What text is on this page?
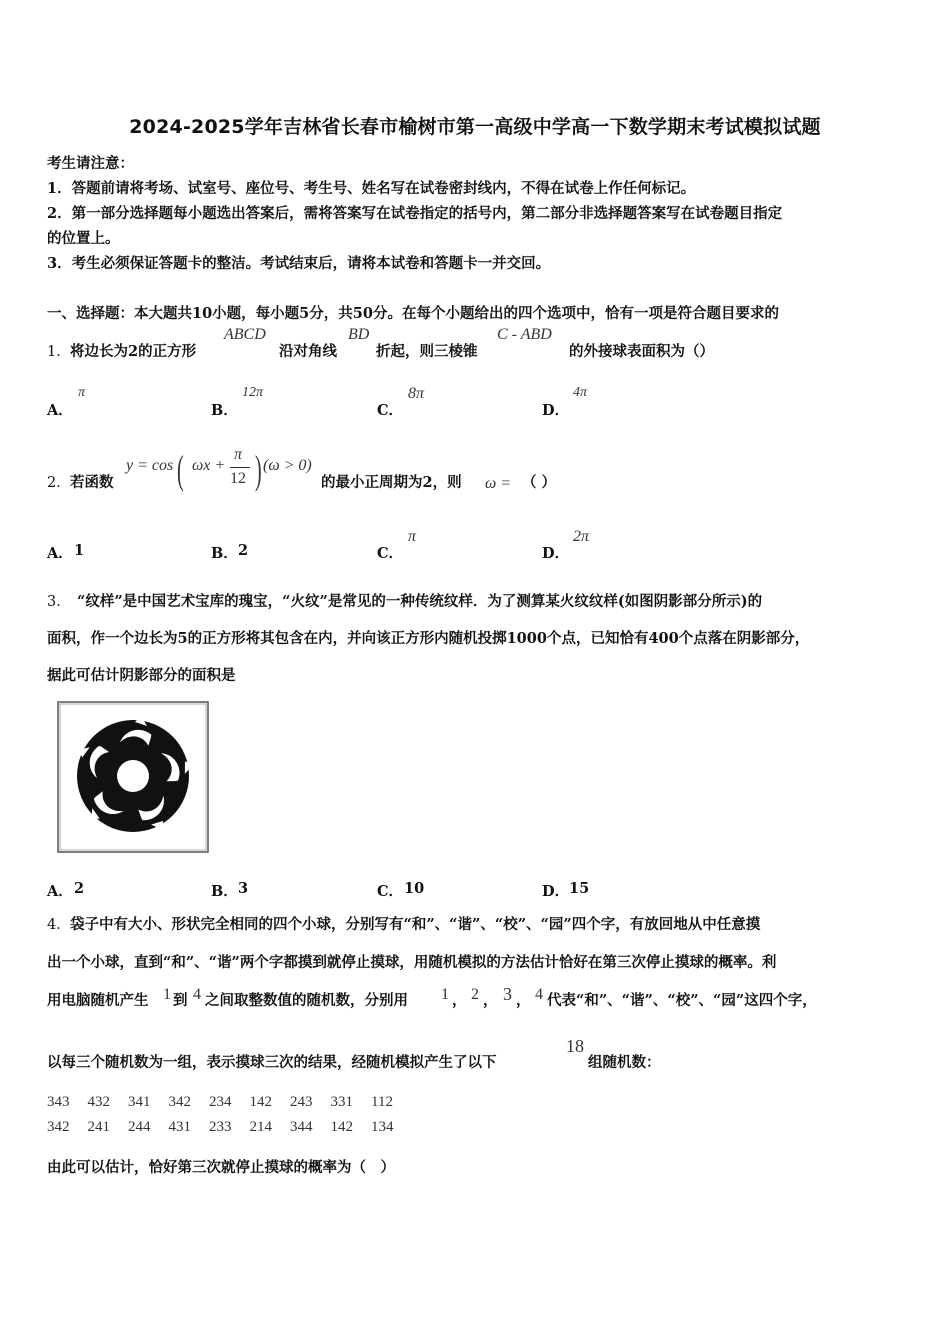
2024-2025学年吉林省长春市榆树市第一高级中学高一下数学期末考试模拟试题
考生请注意：
1．答题前请将考场、试室号、座位号、考生号、姓名写在试卷密封线内，不得在试卷上作任何标记。
2．第一部分选择题每小题选出答案后，需将答案写在试卷指定的括号内，第二部分非选择题答案写在试卷题目指定
的位置上。
3．考生必须保证答题卡的整洁。考试结束后，请将本试卷和答题卡一并交回。
一、选择题：本大题共10小题，每小题5分，共50分。在每个小题给出的四个选项中，恰有一项是符合题目要求的
1． 将边长为2的正方形
ABCD
沿对角线
BD
折起，则三棱锥
C - ABD
的外接球表面积为（）
A．
π
B．
12π
C．
8π
D．
4π
2． 若函数
y = cos ( ωx +
π
12 ) (ω > 0)
的最小正周期为2，则 ω = （ ）
A． 1	B． 2	C．
π
D．
2π
3． “纹样”是中国艺术宝库的瑰宝，“火纹”是常见的一种传统纹样．为了测算某火纹纹样(如图阴影部分所示)的
面积，作一个边长为5的正方形将其包含在内，并向该正方形内随机投掷1000个点，已知恰有400个点落在阴影部分，
据此可估计阴影部分的面积是
A． 2	B． 3	C． 10	D． 15
4． 袋子中有大小、形状完全相同的四个小球，分别写有“和”、“谐”、“校”、“园”四个字，有放回地从中任意摸
出一个小球，直到“和”、“谐”两个字都摸到就停止摸球，用随机模拟的方法估计恰好在第三次停止摸球的概率。利
用电脑随机产生 1 到 4 之间取整数值的随机数，分别用 1 ， 2 ， 3 ， 4 代表“和”、“谐”、“校”、“园”这四个字，
以每三个随机数为一组，表示摸球三次的结果，经随机模拟产生了以下
18
组随机数：
343 432 341 342 234 142 243 331 112
342 241 244 431 233 214 344 142 134
由此可以估计，恰好第三次就停止摸球的概率为（　）
